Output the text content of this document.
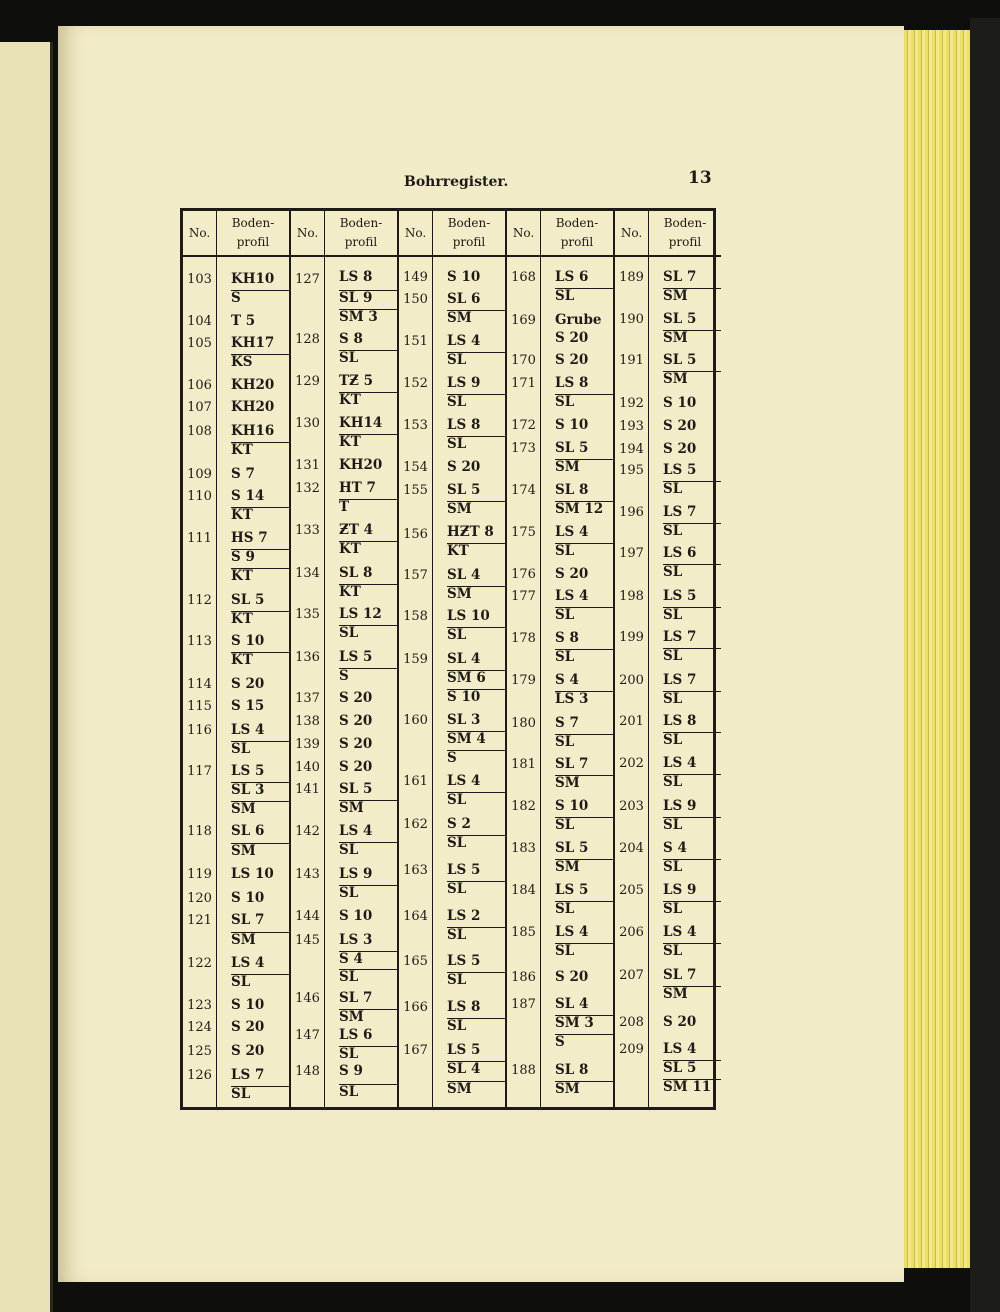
Bohrregister.	13
No.
103
104
105
106
107
108
109
110
111
112
113
114
115
116
117
118
119
120
121
122
123
124
125
126
Boden-
profil
KH10
S
T 5
KH17
KS
KH20
KH20
KH16
KT
S 7
S 14
KT
HS 7
S 9
KT
SL 5
KT
S 10
KT
S 20
S 15
LS 4
SL
LS 5
SL 3
SM
SL 6
SM
LS 10
S 10
SL 7
SM
LS 4
SL
S 10
S 20
S 20
LS 7
SL
No.
127
128
129
130
131
132
133
134
135
136
137
138
139
140
141
142
143
144
145
146
147
148
Boden-
profil
LS 8
SL 9
SM 3
S 8
SL
TƵ 5
KT
KH14
KT
KH20
HT 7
T
ƵT 4
KT
SL 8
KT
LS 12
SL
LS 5
S
S 20
S 20
S 20
S 20
SL 5
SM
LS 4
SL
LS 9
SL
S 10
LS 3
S 4
SL
SL 7
SM
LS 6
SL
S 9
SL
No.
149
150
151
152
153
154
155
156
157
158
159
160
161
162
163
164
165
166
167
Boden-
profil
S 10
SL 6
SM
LS 4
SL
LS 9
SL
LS 8
SL
S 20
SL 5
SM
HƵT 8
KT
SL 4
SM
LS 10
SL
SL 4
SM 6
S 10
SL 3
SM 4
S
LS 4
SL
S 2
SL
LS 5
SL
LS 2
SL
LS 5
SL
LS 8
SL
LS 5
SL 4
SM
No.
168
169
170
171
172
173
174
175
176
177
178
179
180
181
182
183
184
185
186
187
188
Boden-
profil
LS 6
SL
Grube
S 20
S 20
LS 8
SL
S 10
SL 5
SM
SL 8
SM 12
LS 4
SL
S 20
LS 4
SL
S 8
SL
S 4
LS 3
S 7
SL
SL 7
SM
S 10
SL
SL 5
SM
LS 5
SL
LS 4
SL
S 20
SL 4
SM 3
S
SL 8
SM
No.
189
190
191
192
193
194
195
196
197
198
199
200
201
202
203
204
205
206
207
208
209
Boden-
profil
SL 7
SM
SL 5
SM
SL 5
SM
S 10
S 20
S 20
LS 5
SL
LS 7
SL
LS 6
SL
LS 5
SL
LS 7
SL
LS 7
SL
LS 8
SL
LS 4
SL
LS 9
SL
S 4
SL
LS 9
SL
LS 4
SL
SL 7
SM
S 20
LS 4
SL 5
SM 11
